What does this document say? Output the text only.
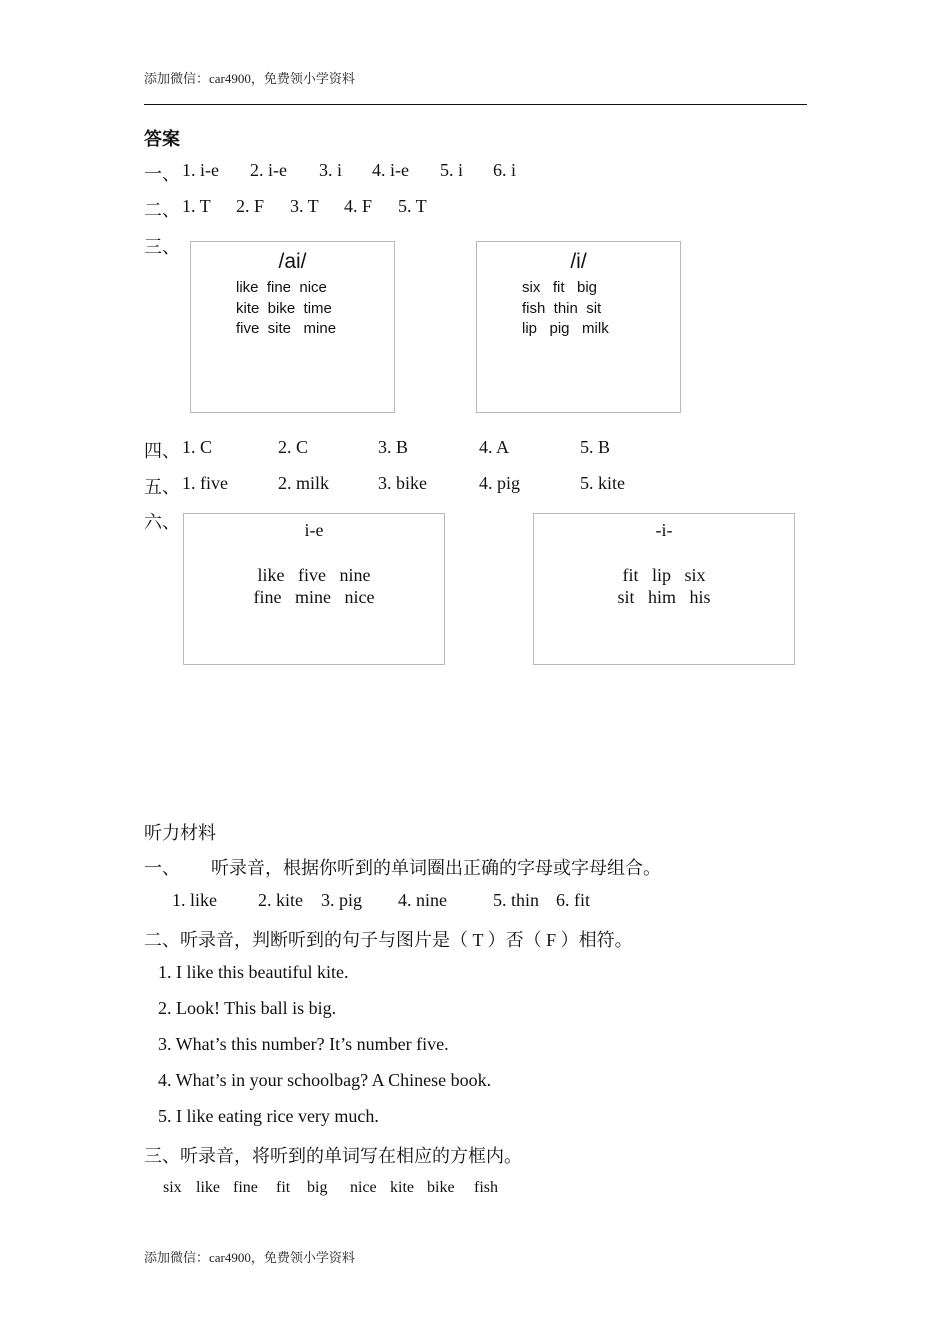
添加微信：car4900，免费领小学资料
答案
一、 1. i-e 2. i-e 3. i 4. i-e 5. i 6. i
二、 1. T 2. F 3. T 4. F 5. T
三、
/ai/
like  fine  nice
kite  bike  time
five  site   mine
/i/
six   fit   big
fish  thin  sit
lip   pig   milk
四、 1. C	2. C	3. B	4. A	5. B
五、 1. five	2. milk	3. bike	4. pig	5. kite
六、	i-e
like   five   nine
fine   mine   nice
-i-
fit   lip   six
sit   him   his
听力材料
一、 听录音，根据你听到的单词圈出正确的字母或字母组合。
1. like 2. kite 3. pig 4. nine	5. thin 6. fit
二、听录音，判断听到的句子与图片是（ T ）否（ F ）相符。
1. I like this beautiful kite.
2. Look! This ball is big.
3. What’s this number? It’s number five.
4. What’s in your schoolbag? A Chinese book.
5. I like eating rice very much.
三、听录音，将听到的单词写在相应的方框内。
six like fine fit big nice kite bike fish
添加微信：car4900，免费领小学资料
